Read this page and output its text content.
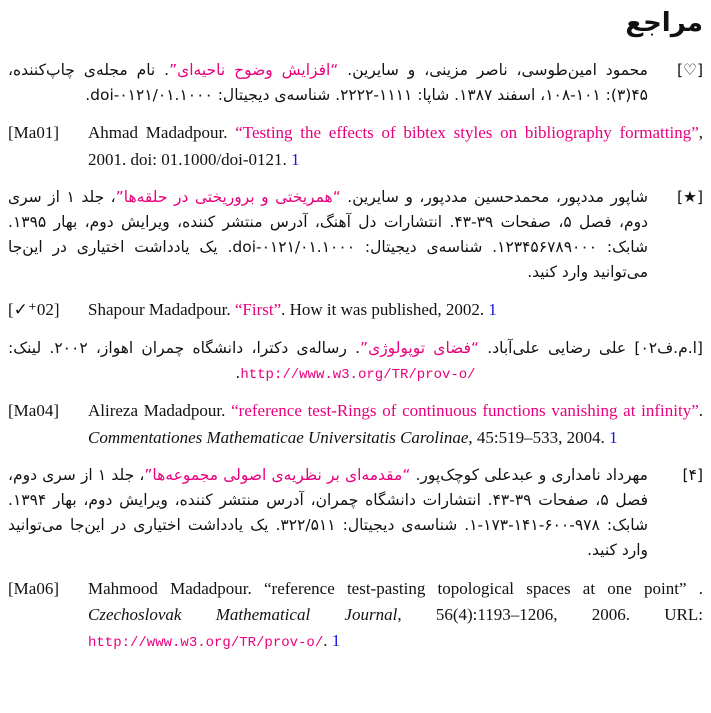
مراجع
[♡]

محمود امین‌طوسی، ناصر مزینی، و سایرین. “افزایش وضوح ناحیه‌ای”. نام مجله‌ی چاپ‌کننده، ۴۵(۳): ۱۰۱-۱۰۸، اسفند ۱۳۸۷. شاپا: ۱۱۱۱-۲۲۲۲. شناسه‌ی دیجیتال: ۰۱.۱۰۰۰/doi-۰۱۲۱.

[Ma01]	Ahmad Madadpour. “Testing the effects of bibtex styles on bibliography formatting”, 2001. doi: 01.1000/doi-0121. 1

[★]

شاپور مددپور، محمدحسین مددپور، و سایرین. “همریختی و بروریختی در حلقه‌ها”، جلد ۱ از سری دوم، فصل ۵، صفحات ۳۹-۴۳. انتشارات دل آهنگ، آدرس منتشر کننده، ویرایش دوم، بهار ۱۳۹۵. شابک: ۱۲۳۴۵۶۷۸۹۰۰۰. شناسه‌ی دیجیتال: ۰۱.۱۰۰۰/doi-۰۱۲۱. یک یادداشت اختیاری در این‌جا می‌توانید وارد کنید.

[✓⁺02]	Shapour Madadpour. “First”. How it was published, 2002. 1

[ا.م.ف۰۲] علی رضایی علی‌آباد. “فضای توپولوژی”. رساله‌ی دکترا، دانشگاه چمران اهواز، ۲۰۰۲. لینک: http://www.w3.org/TR/prov-o/.

[Ma04]	Alireza Madadpour. “reference test-Rings of continuous functions vanishing at infinity”. Commentationes Mathematicae Universitatis Carolinae, 45:519–533, 2004. 1

[۴]

مهرداد نامداری و عبدعلی کوچک‌پور. “مقدمه‌ای بر نظریه‌ی اصولی مجموعه‌ها”، جلد ۱ از سری دوم، فصل ۵، صفحات ۳۹-۴۳. انتشارات دانشگاه چمران، آدرس منتشر کننده، ویرایش دوم، بهار ۱۳۹۴. شابک: ۹۷۸-۶۰۰-۱۴۱-۱۷۳-۱. شناسه‌ی دیجیتال: ۳۲۲/۵۱۱. یک یادداشت اختیاری در این‌جا می‌توانید وارد کنید.

[Ma06]	Mahmood Madadpour. “reference test-pasting topological spaces at one point” . Czechoslovak Mathematical Journal, 56(4):1193–1206, 2006. URL: http://www.w3.org/TR/prov-o/. 1
